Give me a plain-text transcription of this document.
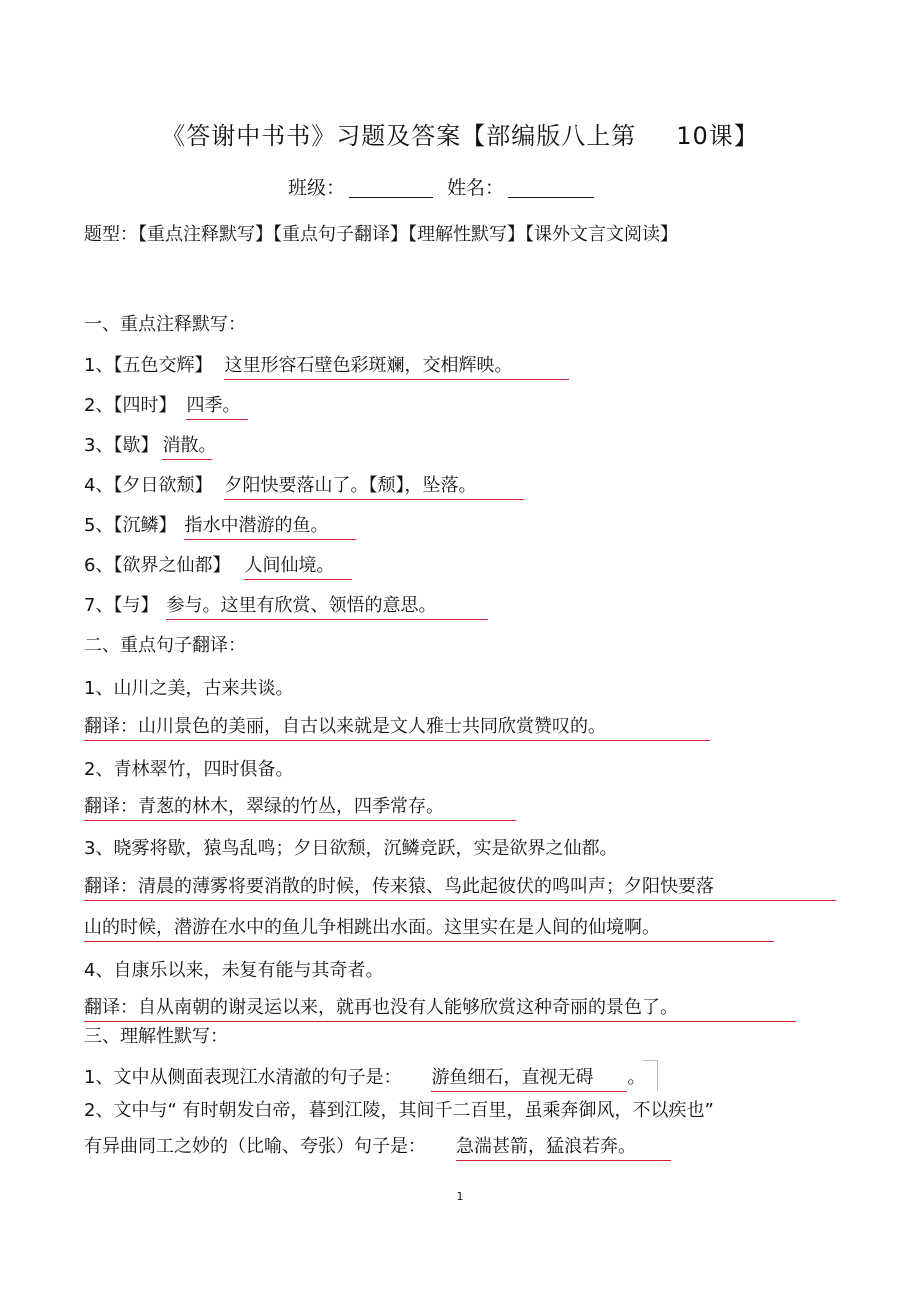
《答谢中书书》习题及答案【部编版八上第 10课】
班级：	姓名：
题型：【重点注释默写】【重点句子翻译】【理解性默写】【课外文言文阅读】
一、重点注释默写：
1、【五色交辉】 这里形容石壁色彩斑斓，交相辉映。
2、【四时】 四季。
3、【歇】 消散。
4、【夕日欲颓】 夕阳快要落山了。【颓】，坠落。
5、【沉鳞】 指水中潜游的鱼。
6、【欲界之仙都】 人间仙境。
7、【与】 参与。这里有欣赏、领悟的意思。
二、重点句子翻译：
1、山川之美，古来共谈。
翻译：山川景色的美丽，自古以来就是文人雅士共同欣赏赞叹的。
2、青林翠竹，四时俱备。
翻译：青葱的林木，翠绿的竹丛，四季常存。
3、晓雾将歇，猿鸟乱鸣；夕日欲颓，沉鳞竞跃，实是欲界之仙都。
翻译：清晨的薄雾将要消散的时候，传来猿、鸟此起彼伏的鸣叫声；夕阳快要落
山的时候，潜游在水中的鱼儿争相跳出水面。这里实在是人间的仙境啊。
4、自康乐以来，未复有能与其奇者。
翻译：自从南朝的谢灵运以来，就再也没有人能够欣赏这种奇丽的景色了。
三、理解性默写：
1、文中从侧面表现江水清澈的句子是： 游鱼细石，直视无碍 。
2、文中与“ 有时朝发白帝，暮到江陵，其间千二百里，虽乘奔御风，不以疾也”
有异曲同工之妙的（比喻、夸张）句子是： 急湍甚箭，猛浪若奔。
1
